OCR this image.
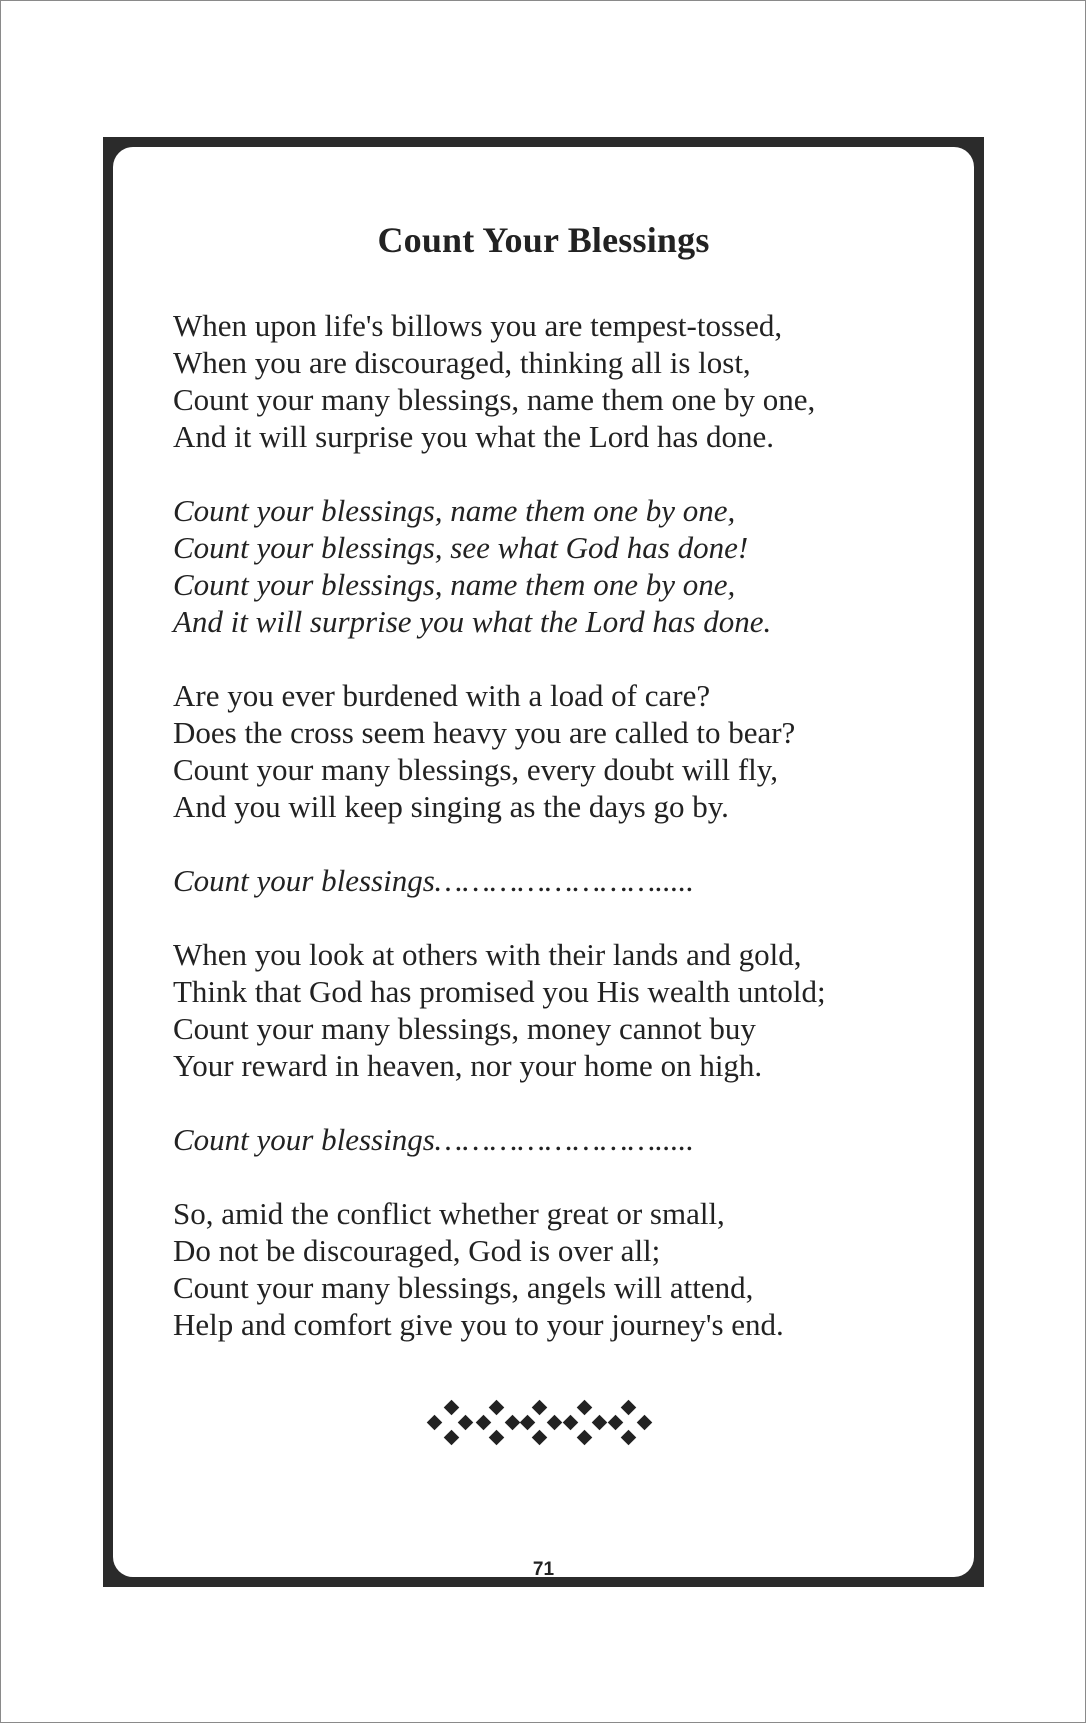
Count Your Blessings
When upon life's billows you are tempest-tossed,
When you are discouraged, thinking all is lost,
Count your many blessings, name them one by one,
And it will surprise you what the Lord has done.
Count your blessings, name them one by one,
Count your blessings, see what God has done!
Count your blessings, name them one by one,
And it will surprise you what the Lord has done.
Are you ever burdened with a load of care?
Does the cross seem heavy you are called to bear?
Count your many blessings, every doubt will fly,
And you will keep singing as the days go by.
Count your blessings…………………….....
When you look at others with their lands and gold,
Think that God has promised you His wealth untold;
Count your many blessings, money cannot buy
Your reward in heaven, nor your home on high.
Count your blessings…………………….....
So, amid the conflict whether great or small,
Do not be discouraged, God is over all;
Count your many blessings, angels will attend,
Help and comfort give you to your journey's end.
71
